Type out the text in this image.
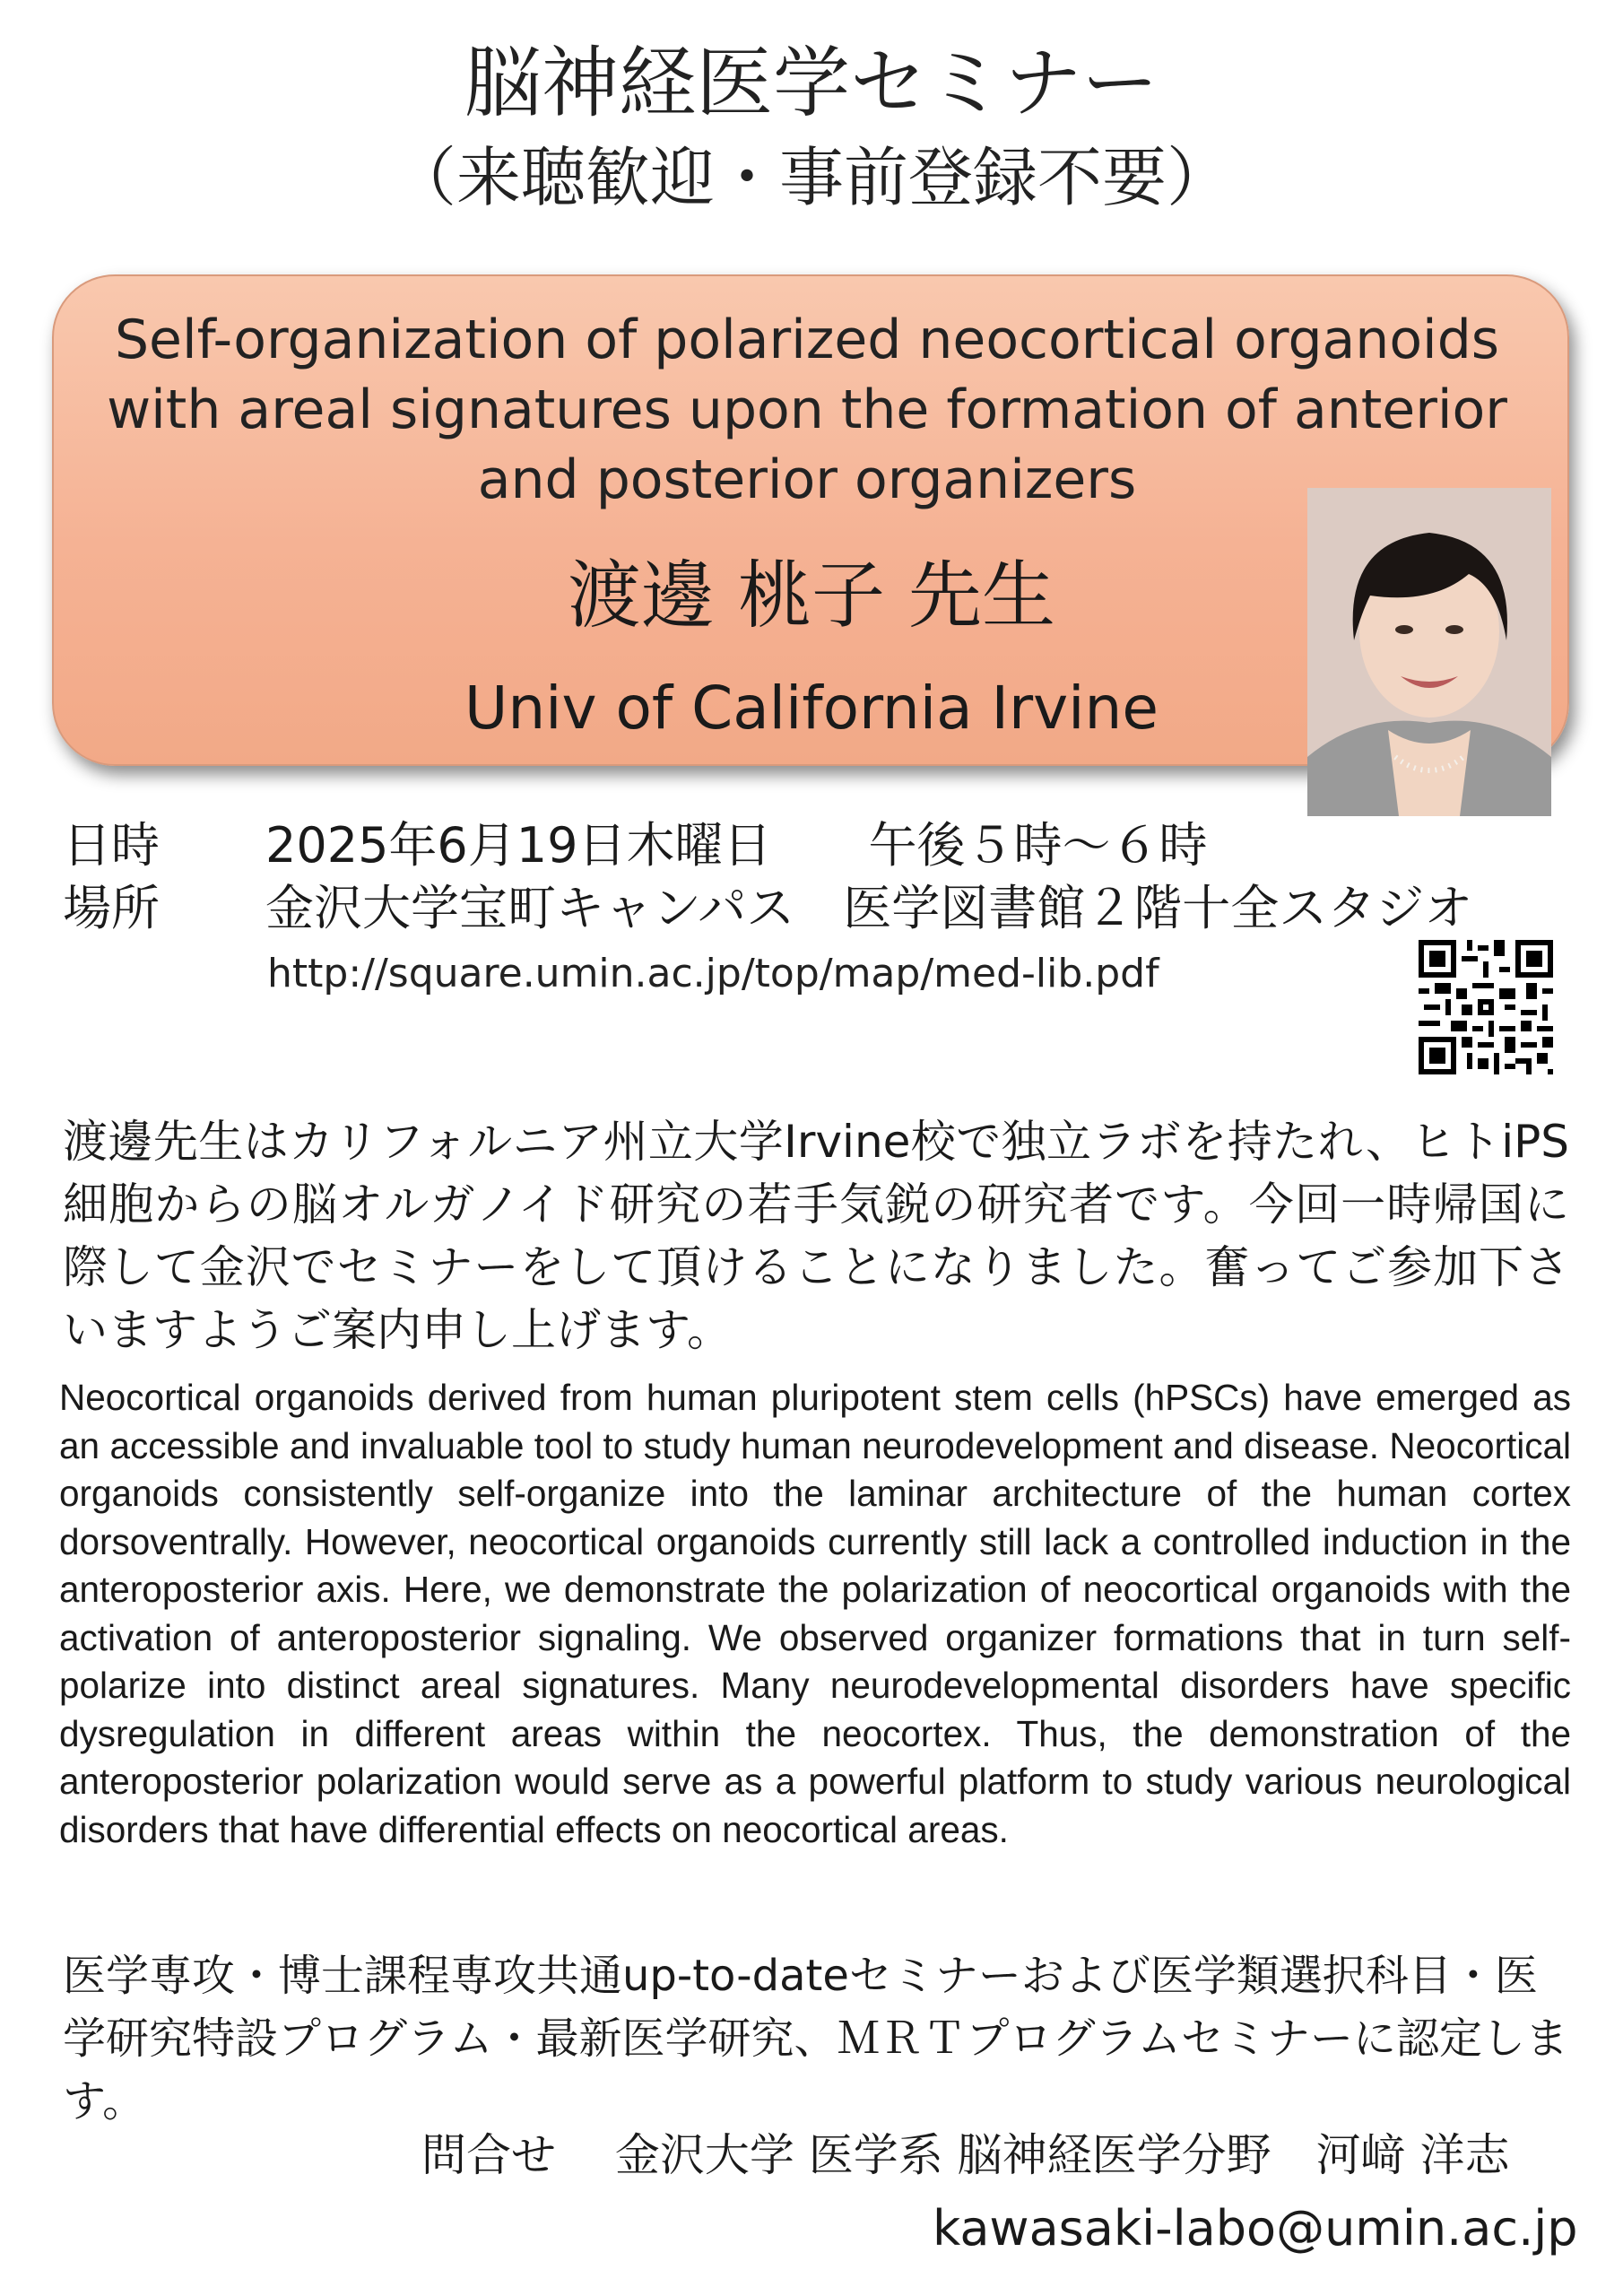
脳神経医学セミナー
（来聴歓迎・事前登録不要）
Self-organization of polarized neocortical organoids with areal signatures upon the formation of anterior and posterior organizers
渡邊 桃子 先生
Univ of California Irvine
日時 2025年6月19日木曜日　　午後５時～６時
場所 金沢大学宝町キャンパス　医学図書館２階十全スタジオ
http://square.umin.ac.jp/top/map/med-lib.pdf
渡邊先生はカリフォルニア州立大学Irvine校で独立ラボを持たれ、ヒトiPS細胞からの脳オルガノイド研究の若手気鋭の研究者です。今回一時帰国に際して金沢でセミナーをして頂けることになりました。奮ってご参加下さいますようご案内申し上げます。
Neocortical organoids derived from human pluripotent stem cells (hPSCs) have emerged as an accessible and invaluable tool to study human neurodevelopment and disease. Neocortical organoids consistently self-organize into the laminar architecture of the human cortex dorsoventrally. However, neocortical organoids currently still lack a controlled induction in the anteroposterior axis. Here, we demonstrate the polarization of neocortical organoids with the activation of anteroposterior signaling. We observed organizer formations that in turn self-polarize into distinct areal signatures. Many neurodevelopmental disorders have specific dysregulation in different areas within the neocortex. Thus, the demonstration of the anteroposterior polarization would serve as a powerful platform to study various neurological disorders that have differential effects on neocortical areas.
医学専攻・博士課程専攻共通up-to-dateセミナーおよび医学類選択科目・医学研究特設プログラム・最新医学研究、ＭＲＴプログラムセミナーに認定します。
問合せ　 金沢大学 医学系 脳神経医学分野　河﨑 洋志
kawasaki-labo@umin.ac.jp
